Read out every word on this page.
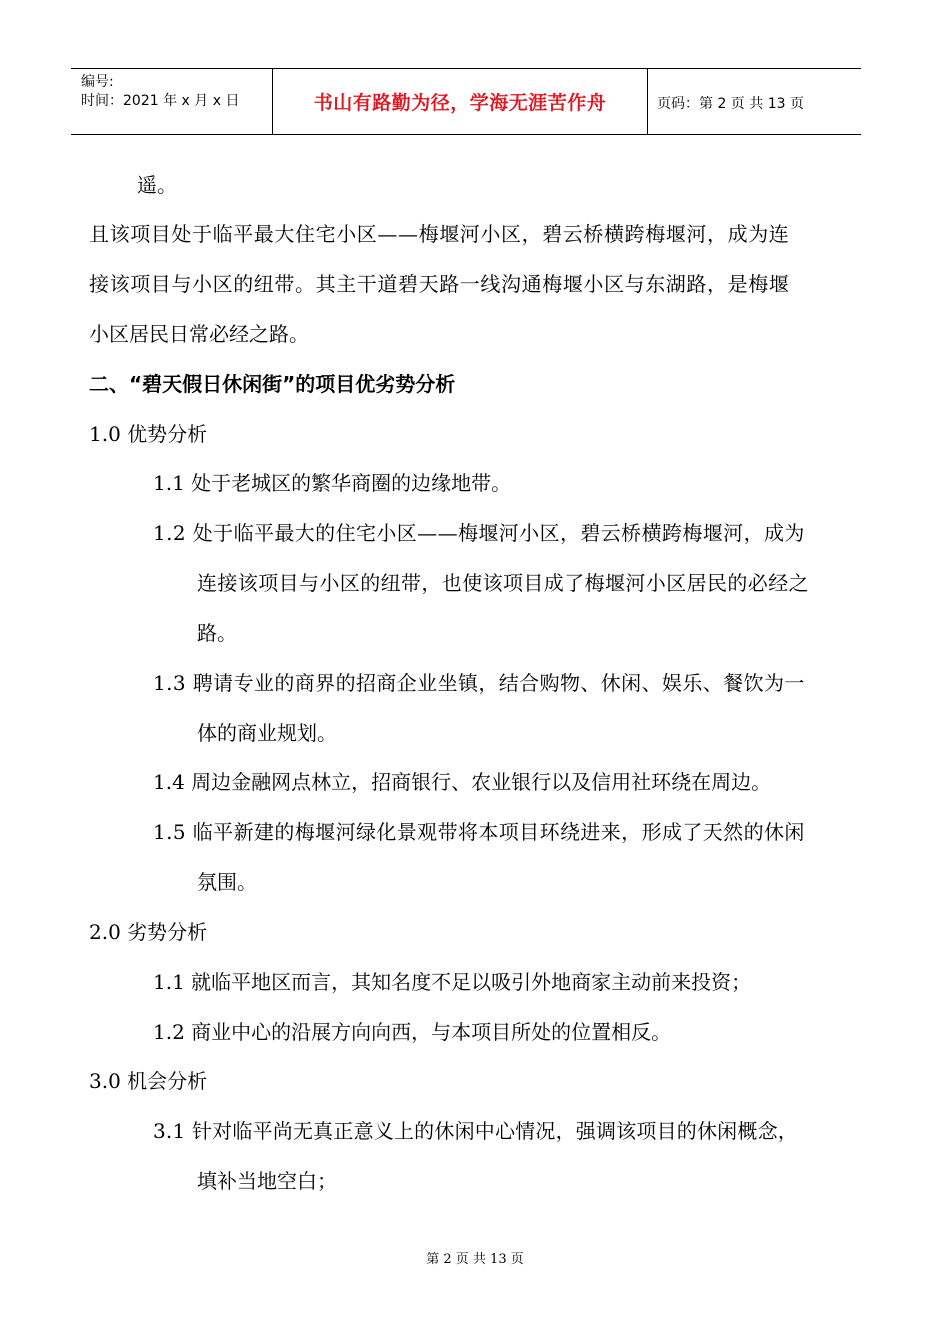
编号:
时间：2021 年 x 月 x 日	书山有路勤为径，学海无涯苦作舟	页码：第 2 页 共 13 页
遥。
且该项目处于临平最大住宅小区——梅堰河小区，碧云桥横跨梅堰河，成为连
接该项目与小区的纽带。其主干道碧天路一线沟通梅堰小区与东湖路，是梅堰
小区居民日常必经之路。
二、“碧天假日休闲街”的项目优劣势分析
1.0 优势分析
1.1 处于老城区的繁华商圈的边缘地带。
1.2 处于临平最大的住宅小区——梅堰河小区，碧云桥横跨梅堰河，成为
连接该项目与小区的纽带，也使该项目成了梅堰河小区居民的必经之
路。
1.3 聘请专业的商界的招商企业坐镇，结合购物、休闲、娱乐、餐饮为一
体的商业规划。
1.4 周边金融网点林立，招商银行、农业银行以及信用社环绕在周边。
1.5 临平新建的梅堰河绿化景观带将本项目环绕进来，形成了天然的休闲
氛围。
2.0 劣势分析
1.1 就临平地区而言，其知名度不足以吸引外地商家主动前来投资；
1.2 商业中心的沿展方向向西，与本项目所处的位置相反。
3.0 机会分析
3.1 针对临平尚无真正意义上的休闲中心情况，强调该项目的休闲概念，
填补当地空白；
第 2 页 共 13 页
